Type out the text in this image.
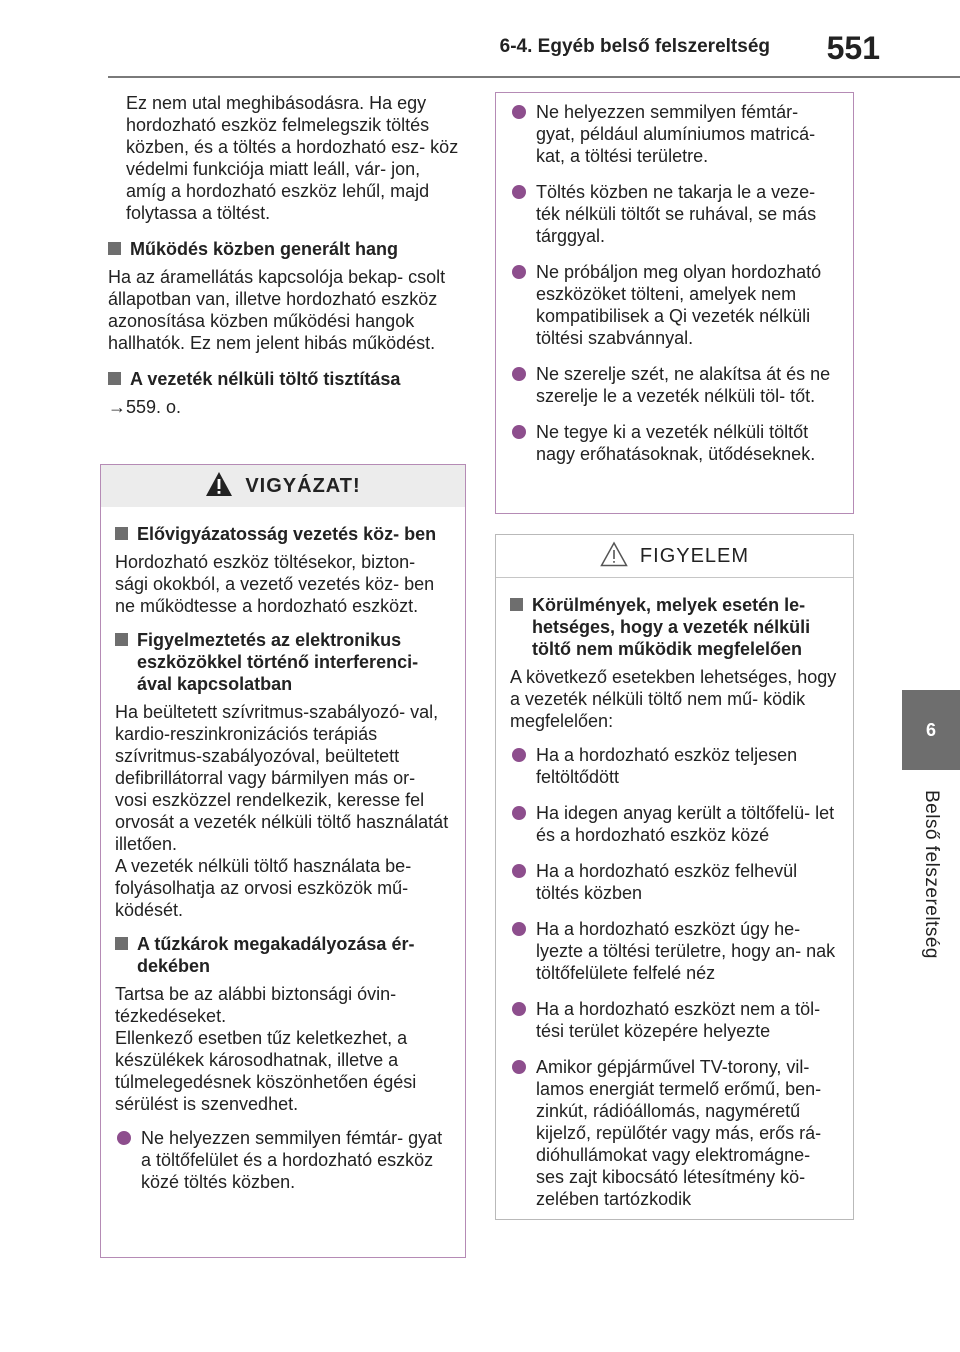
6-4. Egyéb belső felszereltség 551
6
Belső felszereltség

Ez nem utal meghibásodásra. Ha egy hordozható eszköz felmelegszik töltés közben, és a töltés a hordozható esz- köz védelmi funkciója miatt leáll, vár- jon, amíg a hordozható eszköz lehűl, majd folytassa a töltést.

Működés közben generált hang

Ha az áramellátás kapcsolója bekap- csolt állapotban van, illetve hordozható eszköz azonosítása közben működési hangok hallhatók. Ez nem jelent hibás működést.

A vezeték nélküli töltő tisztítása

→559. o.

VIGYÁZAT!
Elővigyázatosság vezetés köz- ben

Hordozható eszköz töltésekor, bizton- sági okokból, a vezető vezetés köz- ben ne működtesse a hordozható eszközt.

Figyelmeztetés az elektronikus eszközökkel történő interferenci- ával kapcsolatban

Ha beültetett szívritmus-szabályozó- val, kardio-reszinkronizációs terápiás szívritmus-szabályozóval, beültetett defibrillátorral vagy bármilyen más or- vosi eszközzel rendelkezik, keresse fel orvosát a vezeték nélküli töltő használatát illetően.

A vezeték nélküli töltő használata be- folyásolhatja az orvosi eszközök mű- ködését.

A tűzkárok megakadályozása ér- dekében

Tartsa be az alábbi biztonsági óvin- tézkedéseket.

Ellenkező esetben tűz keletkezhet, a készülékek károsodhatnak, illetve a túlmelegedésnek köszönhetően égési sérülést is szenvedhet.

Ne helyezzen semmilyen fémtár- gyat a töltőfelület és a hordozható eszköz közé töltés közben.
Ne helyezzen semmilyen fémtár- gyat, például alumíniumos matricá- kat, a töltési területre.
Töltés közben ne takarja le a veze- ték nélküli töltőt se ruhával, se más tárggyal.
Ne próbáljon meg olyan hordozható eszközöket tölteni, amelyek nem kompatibilisek a Qi vezeték nélküli töltési szabvánnyal.
Ne szerelje szét, ne alakítsa át és ne szerelje le a vezeték nélküli töl- tőt.
Ne tegye ki a vezeték nélküli töltőt nagy erőhatásoknak, ütődéseknek.
FIGYELEM
Körülmények, melyek esetén le- hetséges, hogy a vezeték nélküli töltő nem működik megfelelően

A következő esetekben lehetséges, hogy a vezeték nélküli töltő nem mű- ködik megfelelően:

Ha a hordozható eszköz teljesen feltöltődött
Ha idegen anyag került a töltőfelü- let és a hordozható eszköz közé
Ha a hordozható eszköz felhevül töltés közben
Ha a hordozható eszközt úgy he- lyezte a töltési területre, hogy an- nak töltőfelülete felfelé néz
Ha a hordozható eszközt nem a töl- tési terület közepére helyezte
Amikor gépjárművel TV-torony, vil- lamos energiát termelő erőmű, ben- zinkút, rádióállomás, nagyméretű kijelző, repülőtér vagy más, erős rá- dióhullámokat vagy elektromágne- ses zajt kibocsátó létesítmény kö- zelében tartózkodik
